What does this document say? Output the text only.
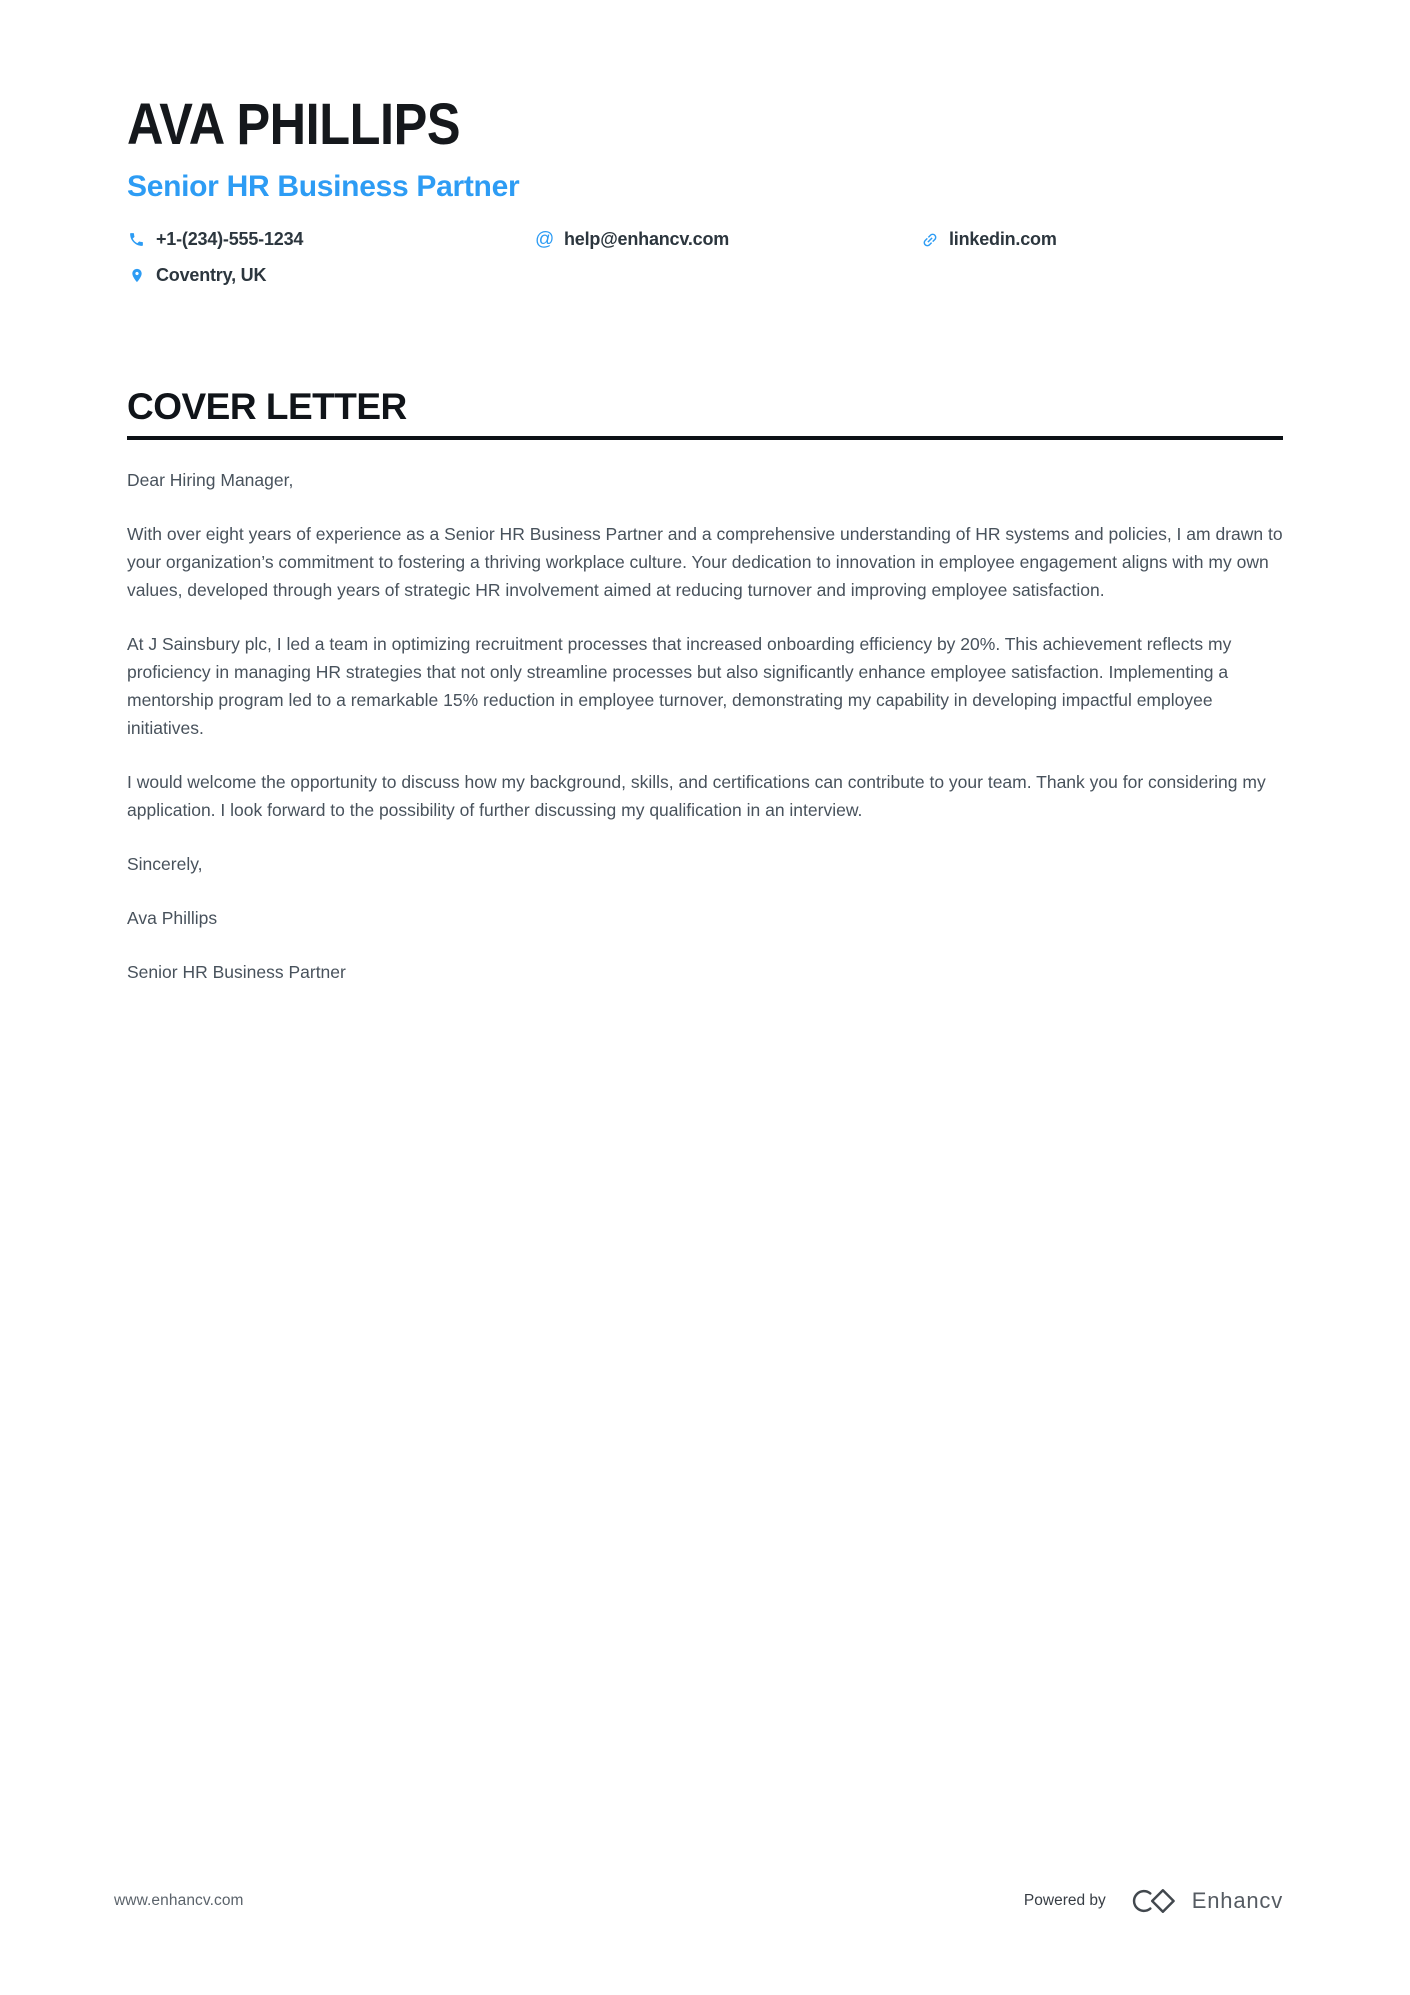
AVA PHILLIPS
Senior HR Business Partner
+1-(234)-555-1234	@ help@enhancv.com	linkedin.com
Coventry, UK
COVER LETTER

Dear Hiring Manager,

With over eight years of experience as a Senior HR Business Partner and a comprehensive understanding of HR systems and policies, I am drawn to your organization’s commitment to fostering a thriving workplace culture. Your dedication to innovation in employee engagement aligns with my own values, developed through years of strategic HR involvement aimed at reducing turnover and improving employee satisfaction.

At J Sainsbury plc, I led a team in optimizing recruitment processes that increased onboarding efficiency by 20%. This achievement reflects my proficiency in managing HR strategies that not only streamline processes but also significantly enhance employee satisfaction. Implementing a mentorship program led to a remarkable 15% reduction in employee turnover, demonstrating my capability in developing impactful employee initiatives.

I would welcome the opportunity to discuss how my background, skills, and certifications can contribute to your team. Thank you for considering my application. I look forward to the possibility of further discussing my qualification in an interview.

Sincerely,

Ava Phillips

Senior HR Business Partner

www.enhancv.com	Powered by	Enhancv
